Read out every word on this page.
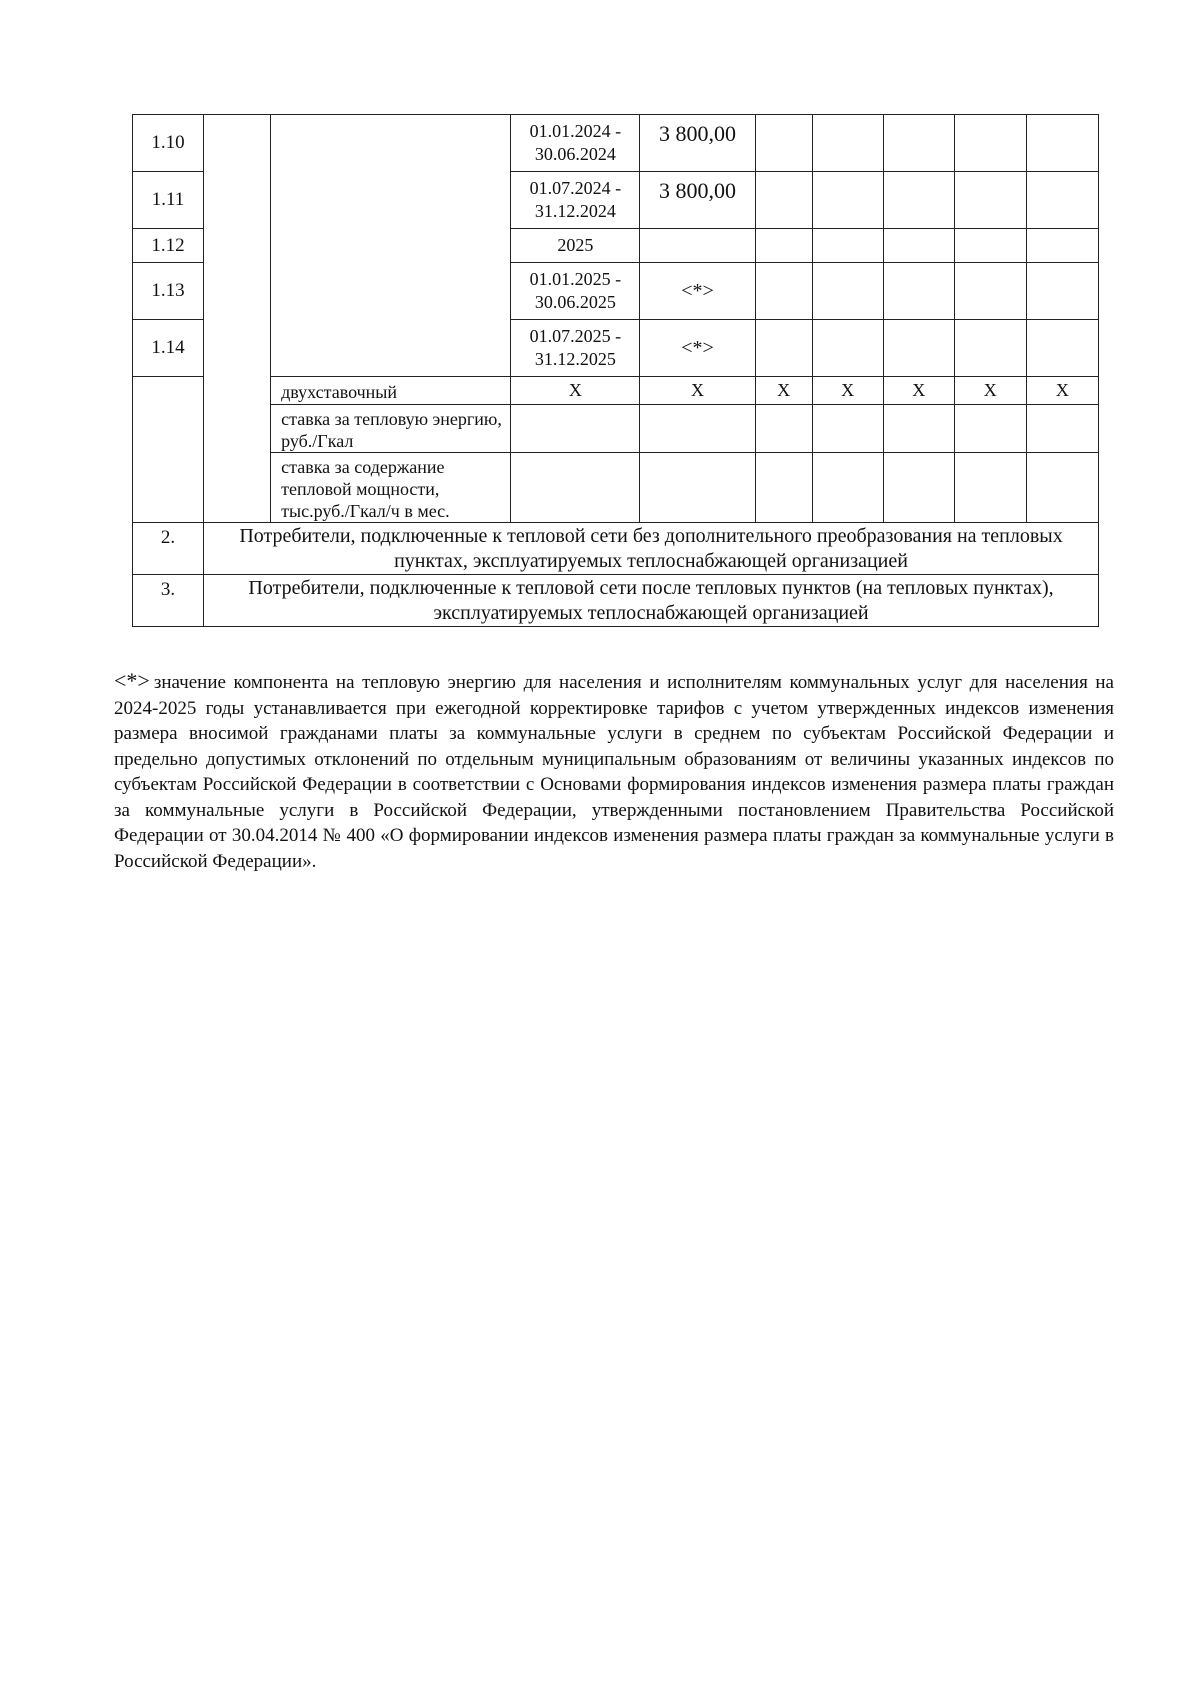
1.10			01.01.2024 - 30.06.2024	3 800,00					
1.11			01.07.2024 - 31.12.2024	3 800,00					
1.12			2025						
1.13			01.01.2025 - 30.06.2025	<*>					
1.14			01.07.2025 - 31.12.2025	<*>					
		двухставочный	X	X	X	X	X	X	X
		ставка за тепловую энергию, руб./Гкал							
		ставка за содержание тепловой мощности, тыс.руб./Гкал/ч в мес.							
2.	Потребители, подключенные к тепловой сети без дополнительного преобразования на тепловых пунктах, эксплуатируемых теплоснабжающей организацией								
3.	Потребители, подключенные к тепловой сети после тепловых пунктов (на тепловых пунктах), эксплуатируемых теплоснабжающей организацией								

<*> значение компонента на тепловую энергию для населения и исполнителям коммунальных услуг для населения на 2024-2025 годы устанавливается при ежегодной корректировке тарифов с учетом утвержденных индексов изменения размера вносимой гражданами платы за коммунальные услуги в среднем по субъектам Российской Федерации и предельно допустимых отклонений по отдельным муниципальным образованиям от величины указанных индексов по субъектам Российской Федерации в соответствии с Основами формирования индексов изменения размера платы граждан за коммунальные услуги в Российской Федерации, утвержденными постановлением Правительства Российской Федерации от 30.04.2014 № 400 «О формировании индексов изменения размера платы граждан за коммунальные услуги в Российской Федерации».
